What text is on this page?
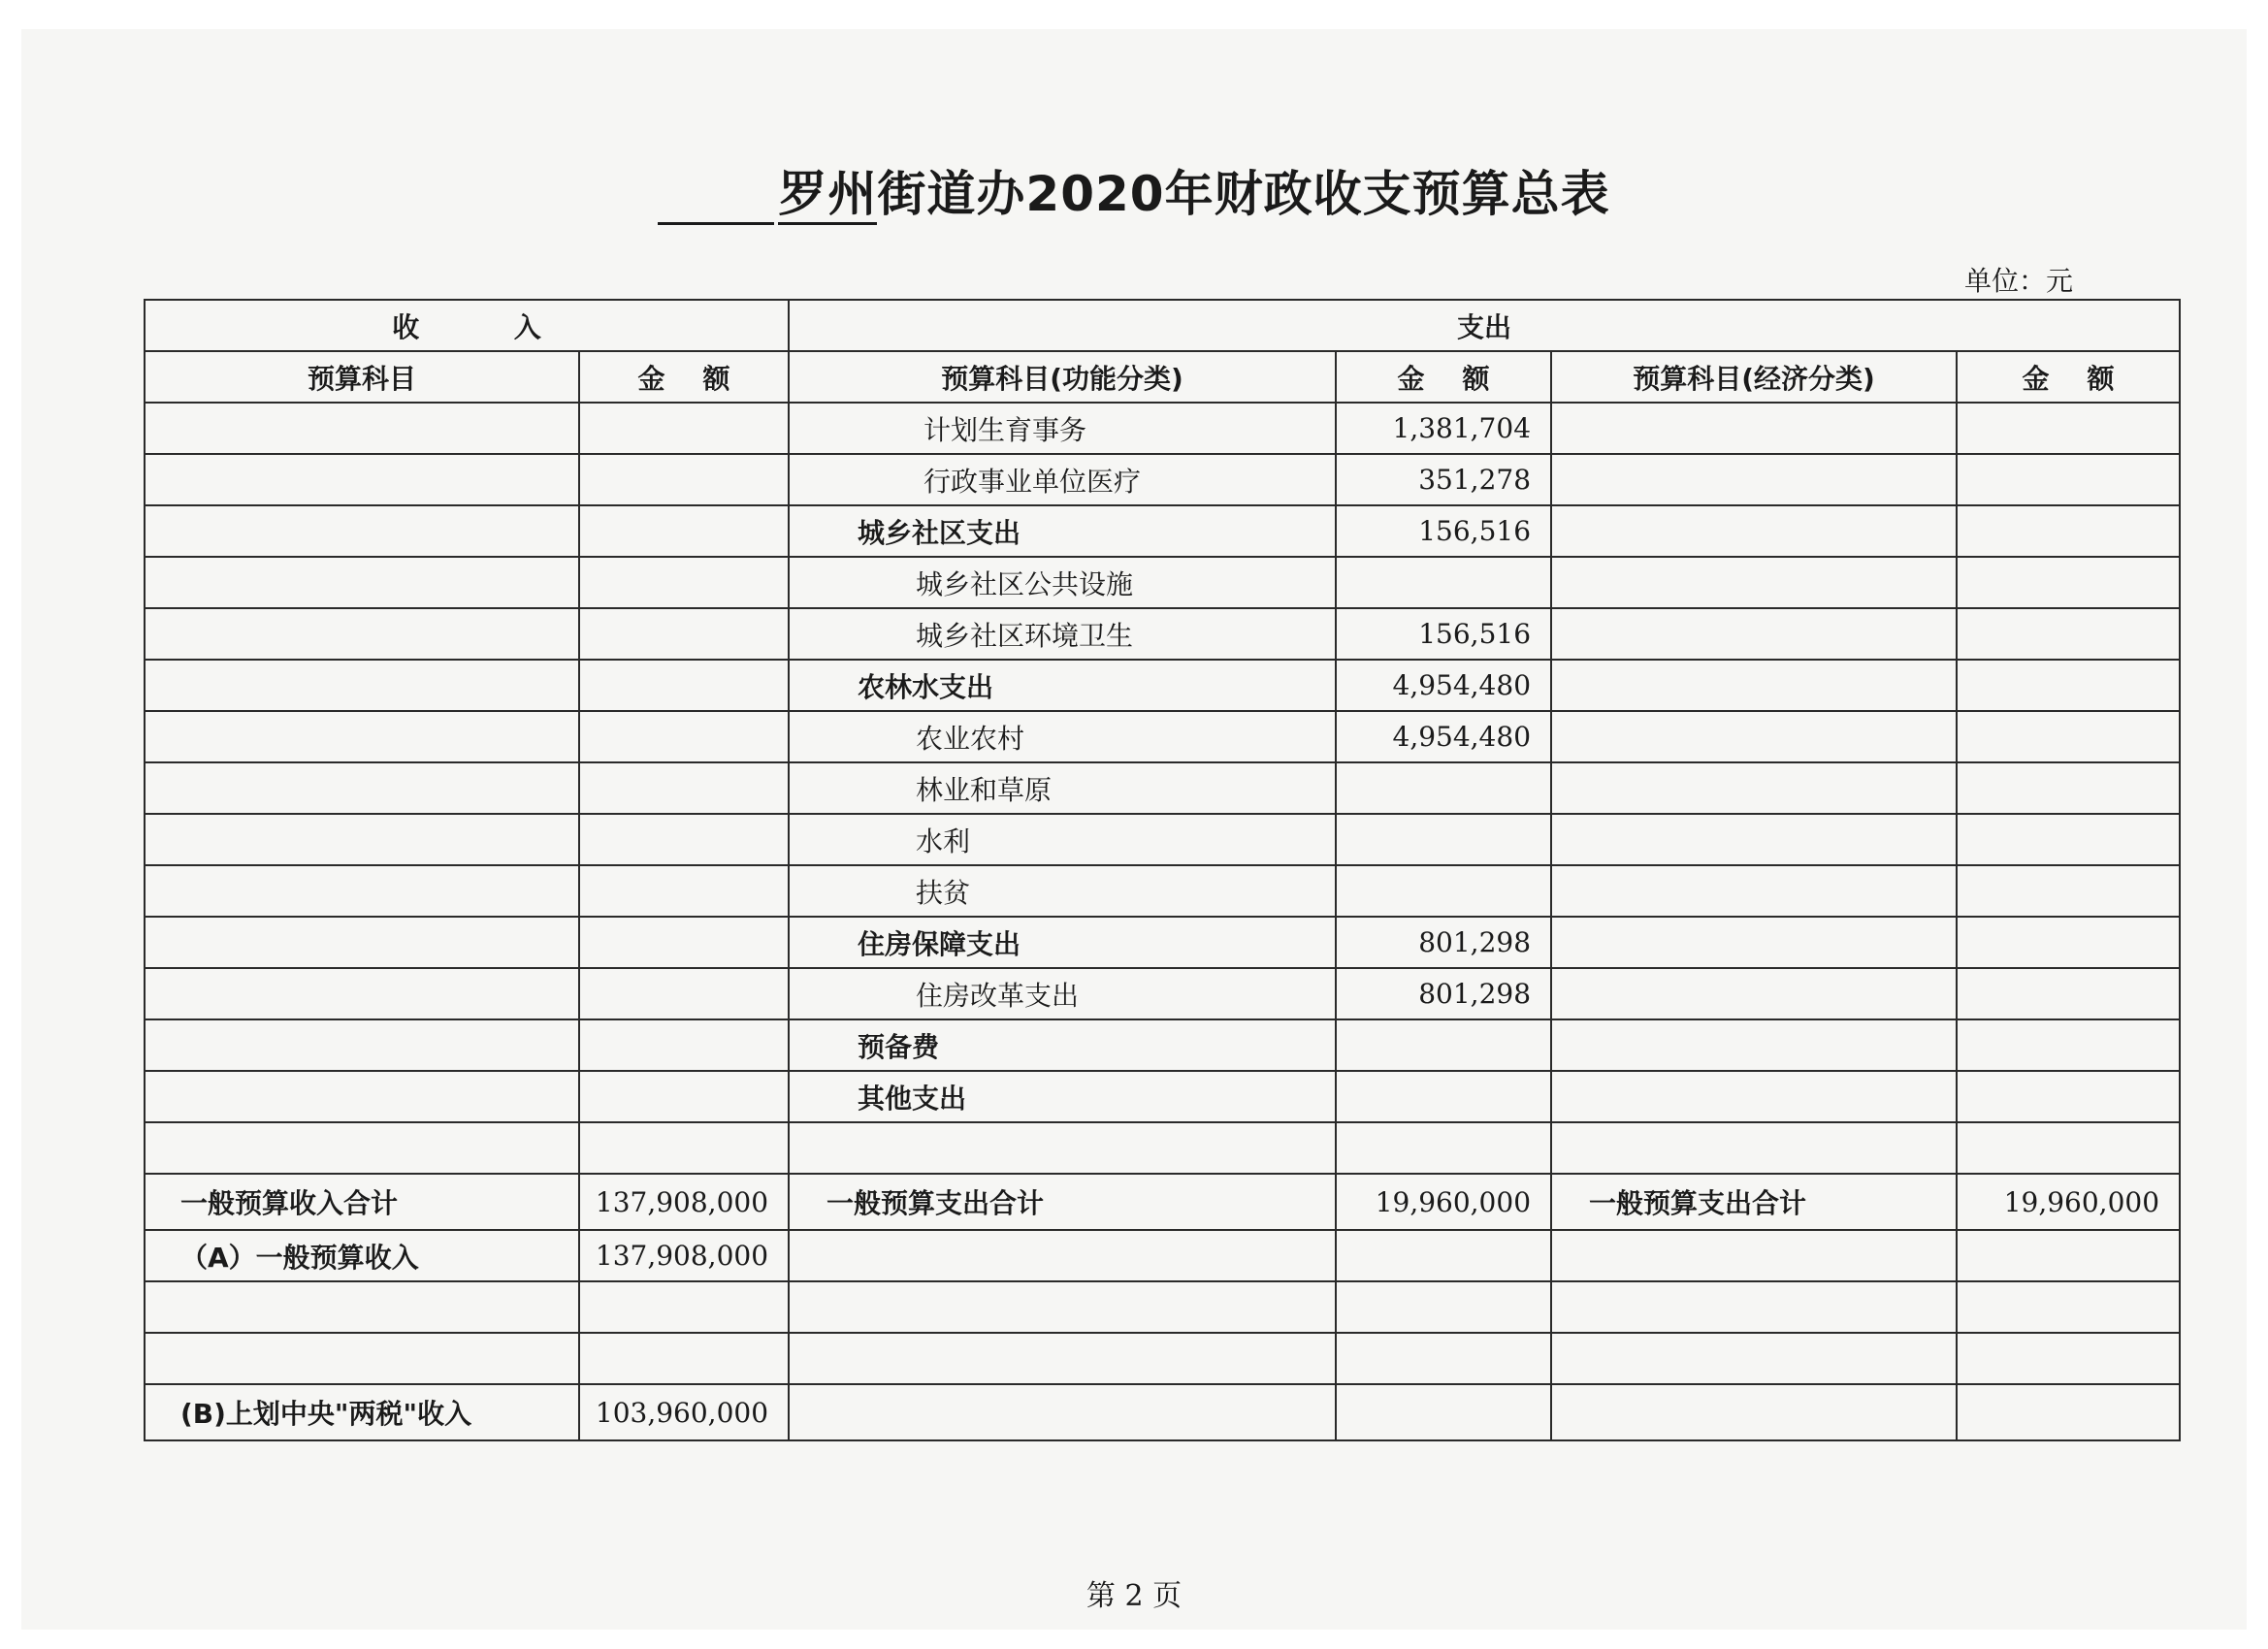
罗州街道办2020年财政收支预算总表
单位：元
收          入		支出			
预算科目	金    额	预算科目(功能分类)	金    额	预算科目(经济分类)	金    额
		计划生育事务	1,381,704		
		行政事业单位医疗	351,278		
		城乡社区支出	156,516		
		城乡社区公共设施			
		城乡社区环境卫生	156,516		
		农林水支出	4,954,480		
		农业农村	4,954,480		
		林业和草原			
		水利			
		扶贫			
		住房保障支出	801,298		
		住房改革支出	801,298		
		预备费			
		其他支出			

一般预算收入合计	137,908,000	一般预算支出合计	19,960,000	一般预算支出合计	19,960,000
（A）一般预算收入	137,908,000				

(B)上划中央"两税"收入	103,960,000				
第 2 页
